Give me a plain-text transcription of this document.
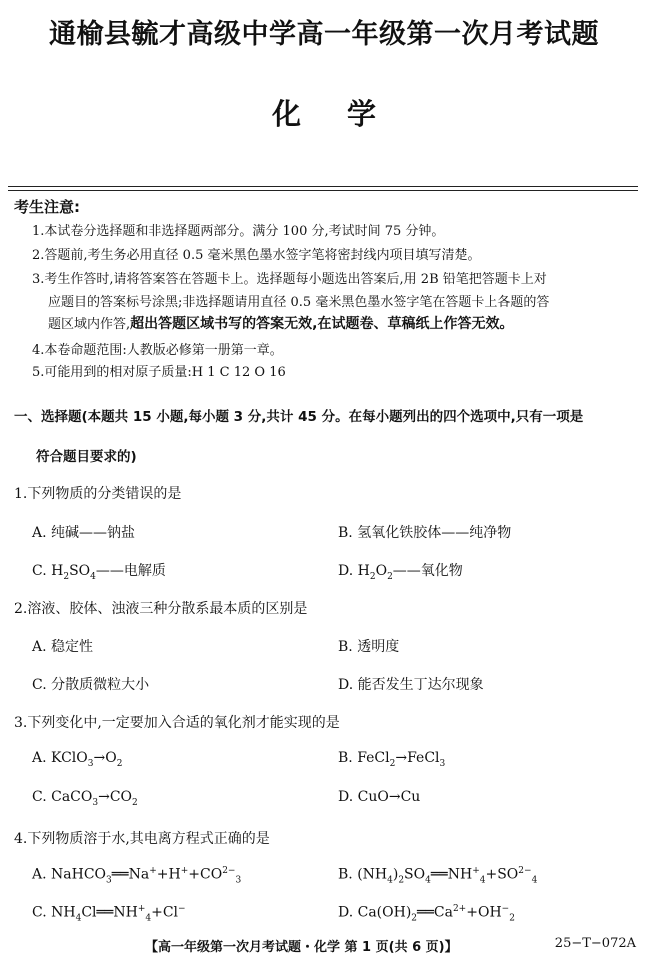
通榆县毓才高级中学高一年级第一次月考试题
化 学
考生注意:
1.本试卷分选择题和非选择题两部分。满分 100 分,考试时间 75 分钟。
2.答题前,考生务必用直径 0.5 毫米黑色墨水签字笔将密封线内项目填写清楚。
3.考生作答时,请将答案答在答题卡上。选择题每小题选出答案后,用 2B 铅笔把答题卡上对
应题目的答案标号涂黑;非选择题请用直径 0.5 毫米黑色墨水签字笔在答题卡上各题的答
题区域内作答,超出答题区域书写的答案无效,在试题卷、草稿纸上作答无效。
4.本卷命题范围:人教版必修第一册第一章。
5.可能用到的相对原子质量:H 1 C 12 O 16
一、选择题(本题共 15 小题,每小题 3 分,共计 45 分。在每小题列出的四个选项中,只有一项是
符合题目要求的)
1.下列物质的分类错误的是
A. 纯碱——钠盐	B. 氢氧化铁胶体——纯净物
C. $H_2SO_4——$电解质	D. $H_2O_2——$氧化物
2.溶液、胶体、浊液三种分散系最本质的区别是
A. 稳定性	B. 透明度
C. 分散质微粒大小	D. 能否发生丁达尔现象
3.下列变化中,一定要加入合适的氧化剂才能实现的是
A. $KClO_3\to O_2$	B. FeCl$_2$→FeCl$_3$
C. $CaCO_3\to CO_2$	D. CuO→Cu
4.下列物质溶于水,其电离方程式正确的是
A. $NaHCO_3══Na^++H^++CO^{2-}_3$	B. $(NH_4)_2SO_4══NH^+_4+SO^{2-}_4$
C. $NH_4Cl══NH^+_4+Cl^-$	D. $Ca(OH)_2══Ca^{2+}+OH^-_2$
【高一年级第一次月考试题・化学 第 1 页(共 6 页)】	25−T−072A
